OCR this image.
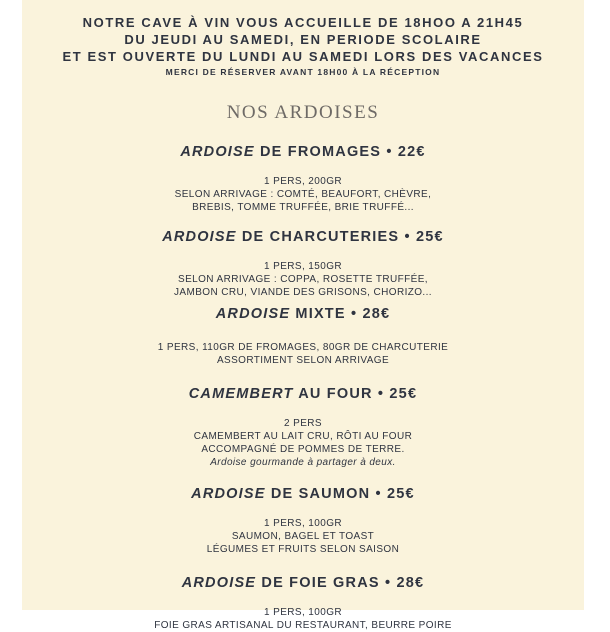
NOTRE CAVE À VIN VOUS ACCUEILLE DE 18HOO A 21H45
DU JEUDI AU SAMEDI, EN PERIODE SCOLAIRE
ET EST OUVERTE DU LUNDI AU SAMEDI LORS DES VACANCES
MERCI DE RÉSERVER AVANT 18H00 À LA RÉCEPTION
NOS ARDOISES
ARDOISE DE FROMAGES • 22€
1 PERS, 200GR
SELON ARRIVAGE : COMTÉ, BEAUFORT, CHÈVRE,
BREBIS, TOMME TRUFFÉE, BRIE TRUFFÉ...
ARDOISE DE CHARCUTERIES • 25€
1 PERS, 150GR
SELON ARRIVAGE : COPPA, ROSETTE TRUFFÉE,
JAMBON CRU, VIANDE DES GRISONS, CHORIZO...
ARDOISE MIXTE • 28€
1 PERS, 110GR DE FROMAGES, 80GR DE CHARCUTERIE
ASSORTIMENT SELON ARRIVAGE
CAMEMBERT AU FOUR • 25€
2 PERS
CAMEMBERT AU LAIT CRU, RÔTI AU FOUR
ACCOMPAGNÉ DE POMMES DE TERRE.
Ardoise gourmande à partager à deux.
ARDOISE DE SAUMON • 25€
1 PERS, 100GR
SAUMON, BAGEL ET TOAST
LÉGUMES ET FRUITS SELON SAISON
ARDOISE DE FOIE GRAS • 28€
1 PERS, 100GR
FOIE GRAS ARTISANAL DU RESTAURANT, BEURRE POIRE
